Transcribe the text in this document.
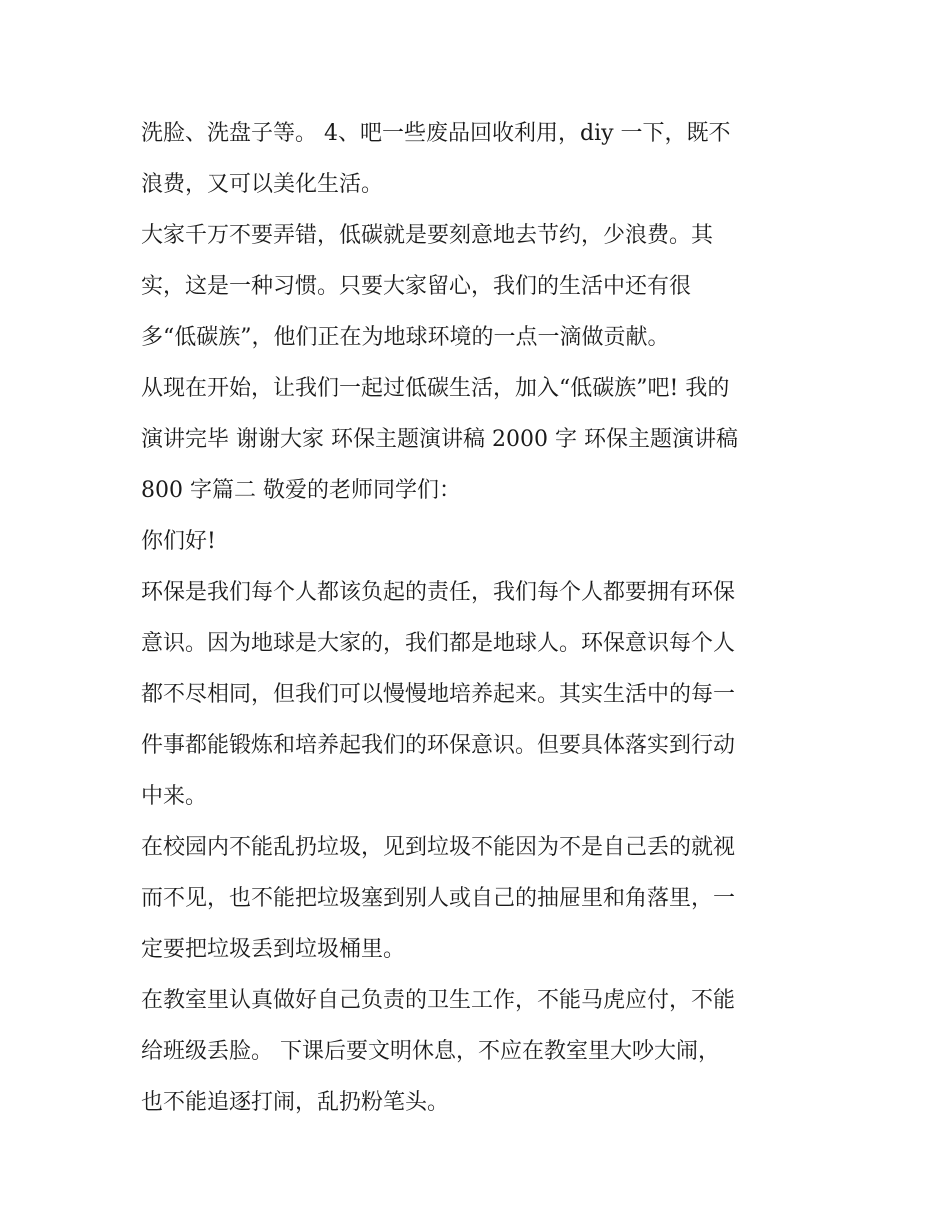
洗脸、洗盘子等。 4、吧一些废品回收利用，diy 一下，既不
浪费，又可以美化生活。
大家千万不要弄错，低碳就是要刻意地去节约，少浪费。其
实，这是一种习惯。只要大家留心，我们的生活中还有很
多“低碳族”，他们正在为地球环境的一点一滴做贡献。
从现在开始，让我们一起过低碳生活，加入“低碳族”吧! 我的
演讲完毕 谢谢大家 环保主题演讲稿 2000 字 环保主题演讲稿
800 字篇二 敬爱的老师同学们：
你们好!
环保是我们每个人都该负起的责任，我们每个人都要拥有环保
意识。因为地球是大家的，我们都是地球人。环保意识每个人
都不尽相同，但我们可以慢慢地培养起来。其实生活中的每一
件事都能锻炼和培养起我们的环保意识。但要具体落实到行动
中来。
在校园内不能乱扔垃圾，见到垃圾不能因为不是自己丢的就视
而不见，也不能把垃圾塞到别人或自己的抽屉里和角落里，一
定要把垃圾丢到垃圾桶里。
在教室里认真做好自己负责的卫生工作，不能马虎应付，不能
给班级丢脸。 下课后要文明休息，不应在教室里大吵大闹，
也不能追逐打闹，乱扔粉笔头。
